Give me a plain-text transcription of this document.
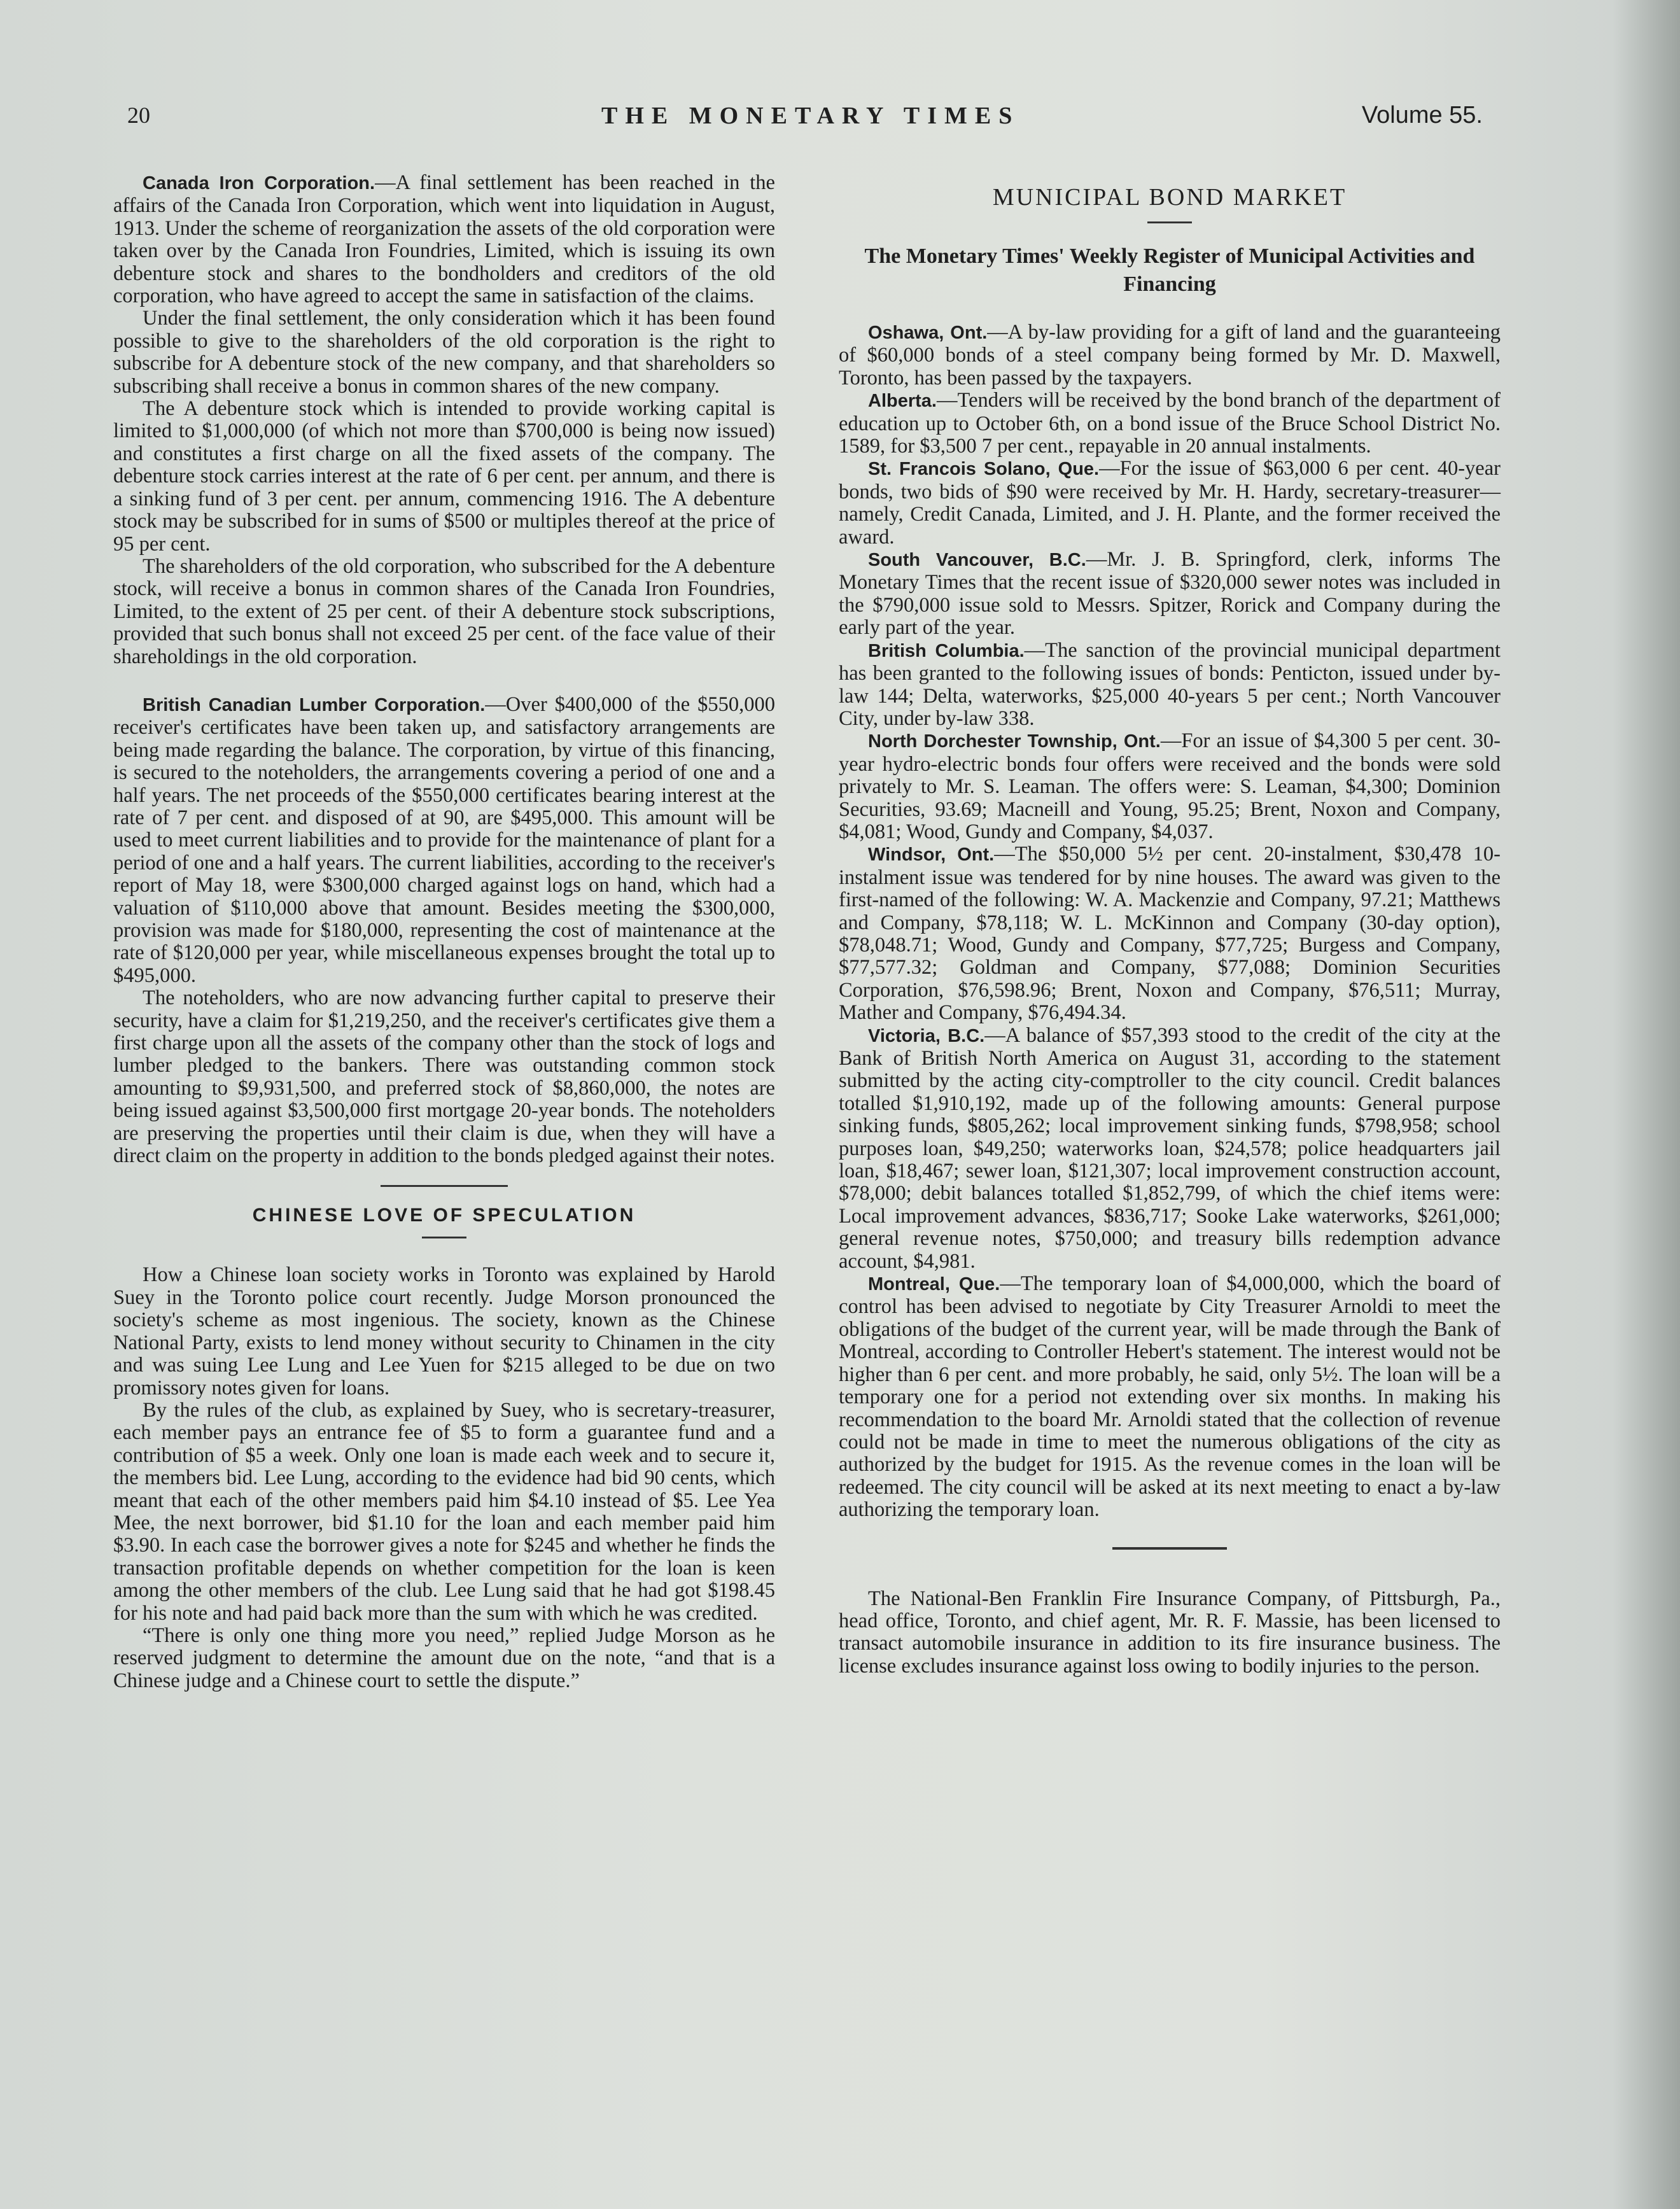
20	THE MONETARY TIMES	Volume 55.

Canada Iron Corporation.—A final settlement has been reached in the affairs of the Canada Iron Corporation, which went into liquidation in August, 1913. Under the scheme of reorganization the assets of the old corporation were taken over by the Canada Iron Foundries, Limited, which is issuing its own debenture stock and shares to the bondholders and creditors of the old corporation, who have agreed to accept the same in satisfaction of the claims.

Under the final settlement, the only consideration which it has been found possible to give to the shareholders of the old corporation is the right to subscribe for A debenture stock of the new company, and that shareholders so subscribing shall receive a bonus in common shares of the new company.

The A debenture stock which is intended to provide working capital is limited to $1,000,000 (of which not more than $700,000 is being now issued) and constitutes a first charge on all the fixed assets of the company. The debenture stock carries interest at the rate of 6 per cent. per annum, and there is a sinking fund of 3 per cent. per annum, commencing 1916. The A debenture stock may be subscribed for in sums of $500 or multiples thereof at the price of 95 per cent.

The shareholders of the old corporation, who subscribed for the A debenture stock, will receive a bonus in common shares of the Canada Iron Foundries, Limited, to the extent of 25 per cent. of their A debenture stock subscriptions, provided that such bonus shall not exceed 25 per cent. of the face value of their shareholdings in the old corporation.

British Canadian Lumber Corporation.—Over $400,000 of the $550,000 receiver's certificates have been taken up, and satisfactory arrangements are being made regarding the balance. The corporation, by virtue of this financing, is secured to the noteholders, the arrangements covering a period of one and a half years. The net proceeds of the $550,000 certificates bearing interest at the rate of 7 per cent. and disposed of at 90, are $495,000. This amount will be used to meet current liabilities and to provide for the maintenance of plant for a period of one and a half years. The current liabilities, according to the receiver's report of May 18, were $300,000 charged against logs on hand, which had a valuation of $110,000 above that amount. Besides meeting the $300,000, provision was made for $180,000, representing the cost of maintenance at the rate of $120,000 per year, while miscellaneous expenses brought the total up to $495,000.

The noteholders, who are now advancing further capital to preserve their security, have a claim for $1,219,250, and the receiver's certificates give them a first charge upon all the assets of the company other than the stock of logs and lumber pledged to the bankers. There was outstanding common stock amounting to $9,931,500, and preferred stock of $8,860,000, the notes are being issued against $3,500,000 first mortgage 20-year bonds. The noteholders are preserving the properties until their claim is due, when they will have a direct claim on the property in addition to the bonds pledged against their notes.

CHINESE LOVE OF SPECULATION

How a Chinese loan society works in Toronto was explained by Harold Suey in the Toronto police court recently. Judge Morson pronounced the society's scheme as most ingenious. The society, known as the Chinese National Party, exists to lend money without security to Chinamen in the city and was suing Lee Lung and Lee Yuen for $215 alleged to be due on two promissory notes given for loans.

By the rules of the club, as explained by Suey, who is secretary-treasurer, each member pays an entrance fee of $5 to form a guarantee fund and a contribution of $5 a week. Only one loan is made each week and to secure it, the members bid. Lee Lung, according to the evidence had bid 90 cents, which meant that each of the other members paid him $4.10 instead of $5. Lee Yea Mee, the next borrower, bid $1.10 for the loan and each member paid him $3.90. In each case the borrower gives a note for $245 and whether he finds the transaction profitable depends on whether competition for the loan is keen among the other members of the club. Lee Lung said that he had got $198.45 for his note and had paid back more than the sum with which he was credited.

“There is only one thing more you need,” replied Judge Morson as he reserved judgment to determine the amount due on the note, “and that is a Chinese judge and a Chinese court to settle the dispute.”

MUNICIPAL BOND MARKET
The Monetary Times' Weekly Register of Municipal Activities and Financing

Oshawa, Ont.—A by-law providing for a gift of land and the guaranteeing of $60,000 bonds of a steel company being formed by Mr. D. Maxwell, Toronto, has been passed by the taxpayers.

Alberta.—Tenders will be received by the bond branch of the department of education up to October 6th, on a bond issue of the Bruce School District No. 1589, for $3,500 7 per cent., repayable in 20 annual instalments.

St. Francois Solano, Que.—For the issue of $63,000 6 per cent. 40-year bonds, two bids of $90 were received by Mr. H. Hardy, secretary-treasurer—namely, Credit Canada, Limited, and J. H. Plante, and the former received the award.

South Vancouver, B.C.—Mr. J. B. Springford, clerk, informs The Monetary Times that the recent issue of $320,000 sewer notes was included in the $790,000 issue sold to Messrs. Spitzer, Rorick and Company during the early part of the year.

British Columbia.—The sanction of the provincial municipal department has been granted to the following issues of bonds: Penticton, issued under by-law 144; Delta, waterworks, $25,000 40-years 5 per cent.; North Vancouver City, under by-law 338.

North Dorchester Township, Ont.—For an issue of $4,300 5 per cent. 30-year hydro-electric bonds four offers were received and the bonds were sold privately to Mr. S. Leaman. The offers were: S. Leaman, $4,300; Dominion Securities, 93.69; Macneill and Young, 95.25; Brent, Noxon and Company, $4,081; Wood, Gundy and Company, $4,037.

Windsor, Ont.—The $50,000 5½ per cent. 20-instalment, $30,478 10-instalment issue was tendered for by nine houses. The award was given to the first-named of the following: W. A. Mackenzie and Company, 97.21; Matthews and Company, $78,118; W. L. McKinnon and Company (30-day option), $78,048.71; Wood, Gundy and Company, $77,725; Burgess and Company, $77,577.32; Goldman and Company, $77,088; Dominion Securities Corporation, $76,598.96; Brent, Noxon and Company, $76,511; Murray, Mather and Company, $76,494.34.

Victoria, B.C.—A balance of $57,393 stood to the credit of the city at the Bank of British North America on August 31, according to the statement submitted by the acting city-comptroller to the city council. Credit balances totalled $1,910,192, made up of the following amounts: General purpose sinking funds, $805,262; local improvement sinking funds, $798,958; school purposes loan, $49,250; waterworks loan, $24,578; police headquarters jail loan, $18,467; sewer loan, $121,307; local improvement construction account, $78,000; debit balances totalled $1,852,799, of which the chief items were: Local improvement advances, $836,717; Sooke Lake waterworks, $261,000; general revenue notes, $750,000; and treasury bills redemption advance account, $4,981.

Montreal, Que.—The temporary loan of $4,000,000, which the board of control has been advised to negotiate by City Treasurer Arnoldi to meet the obligations of the budget of the current year, will be made through the Bank of Montreal, according to Controller Hebert's statement. The interest would not be higher than 6 per cent. and more probably, he said, only 5½. The loan will be a temporary one for a period not extending over six months. In making his recommendation to the board Mr. Arnoldi stated that the collection of revenue could not be made in time to meet the numerous obligations of the city as authorized by the budget for 1915. As the revenue comes in the loan will be redeemed. The city council will be asked at its next meeting to enact a by-law authorizing the temporary loan.

The National-Ben Franklin Fire Insurance Company, of Pittsburgh, Pa., head office, Toronto, and chief agent, Mr. R. F. Massie, has been licensed to transact automobile insurance in addition to its fire insurance business. The license excludes insurance against loss owing to bodily injuries to the person.
